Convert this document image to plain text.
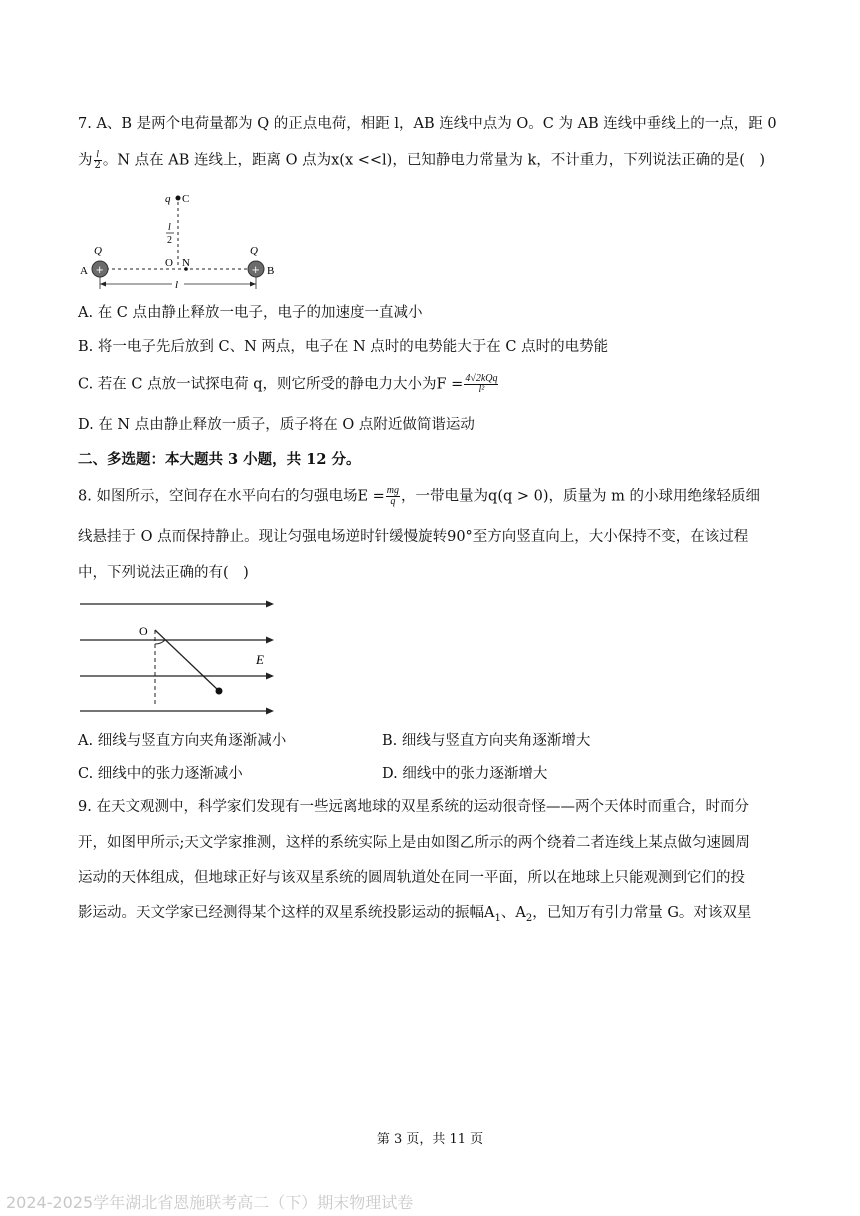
7. A、B 是两个电荷量都为 Q 的正点电荷，相距 l，AB 连线中点为 O。C 为 AB 连线中垂线上的一点，距 0
为 $\frac{l}{2}$ 。N 点在 AB 连线上，距离 O 点为x(x <<l)，已知静电力常量为 k，不计重力，下列说法正确的是(　)
q C
l
2
+	+
Q	Q
A	B
O N
l
A. 在 C 点由静止释放一电子，电子的加速度一直减小
B. 将一电子先后放到 C、N 两点，电子在 N 点时的电势能大于在 C 点时的电势能
C. 若在 C 点放一试探电荷 q，则它所受的静电力大小为$F = \frac{\text{4√2kQq}}{\text{l²}}$
D. 在 N 点由静止释放一质子，质子将在 O 点附近做简谐运动
二、多选题：本大题共 3 小题，共 12 分。
8. 如图所示，空间存在水平向右的匀强电场$E = \frac{mg}{q}$ ，一带电量为q(q > 0)，质量为 m 的小球用绝缘轻质细
线悬挂于 O 点而保持静止。现让匀强电场逆时针缓慢旋转90°至方向竖直向上，大小保持不变，在该过程
中，下列说法正确的有(　)
O
E
A. 细线与竖直方向夹角逐渐减小	B. 细线与竖直方向夹角逐渐增大
C. 细线中的张力逐渐减小	D. 细线中的张力逐渐增大
9. 在天文观测中，科学家们发现有一些远离地球的双星系统的运动很奇怪——两个天体时而重合，时而分
开，如图甲所示;天文学家推测，这样的系统实际上是由如图乙所示的两个绕着二者连线上某点做匀速圆周
运动的天体组成，但地球正好与该双星系统的圆周轨道处在同一平面，所以在地球上只能观测到它们的投
影运动。天文学家已经测得某个这样的双星系统投影运动的振幅$A_1$、$A_2$，已知万有引力常量 G。对该双星
第 3 页，共 11 页
2024-2025学年湖北省恩施联考高二（下）期末物理试卷
